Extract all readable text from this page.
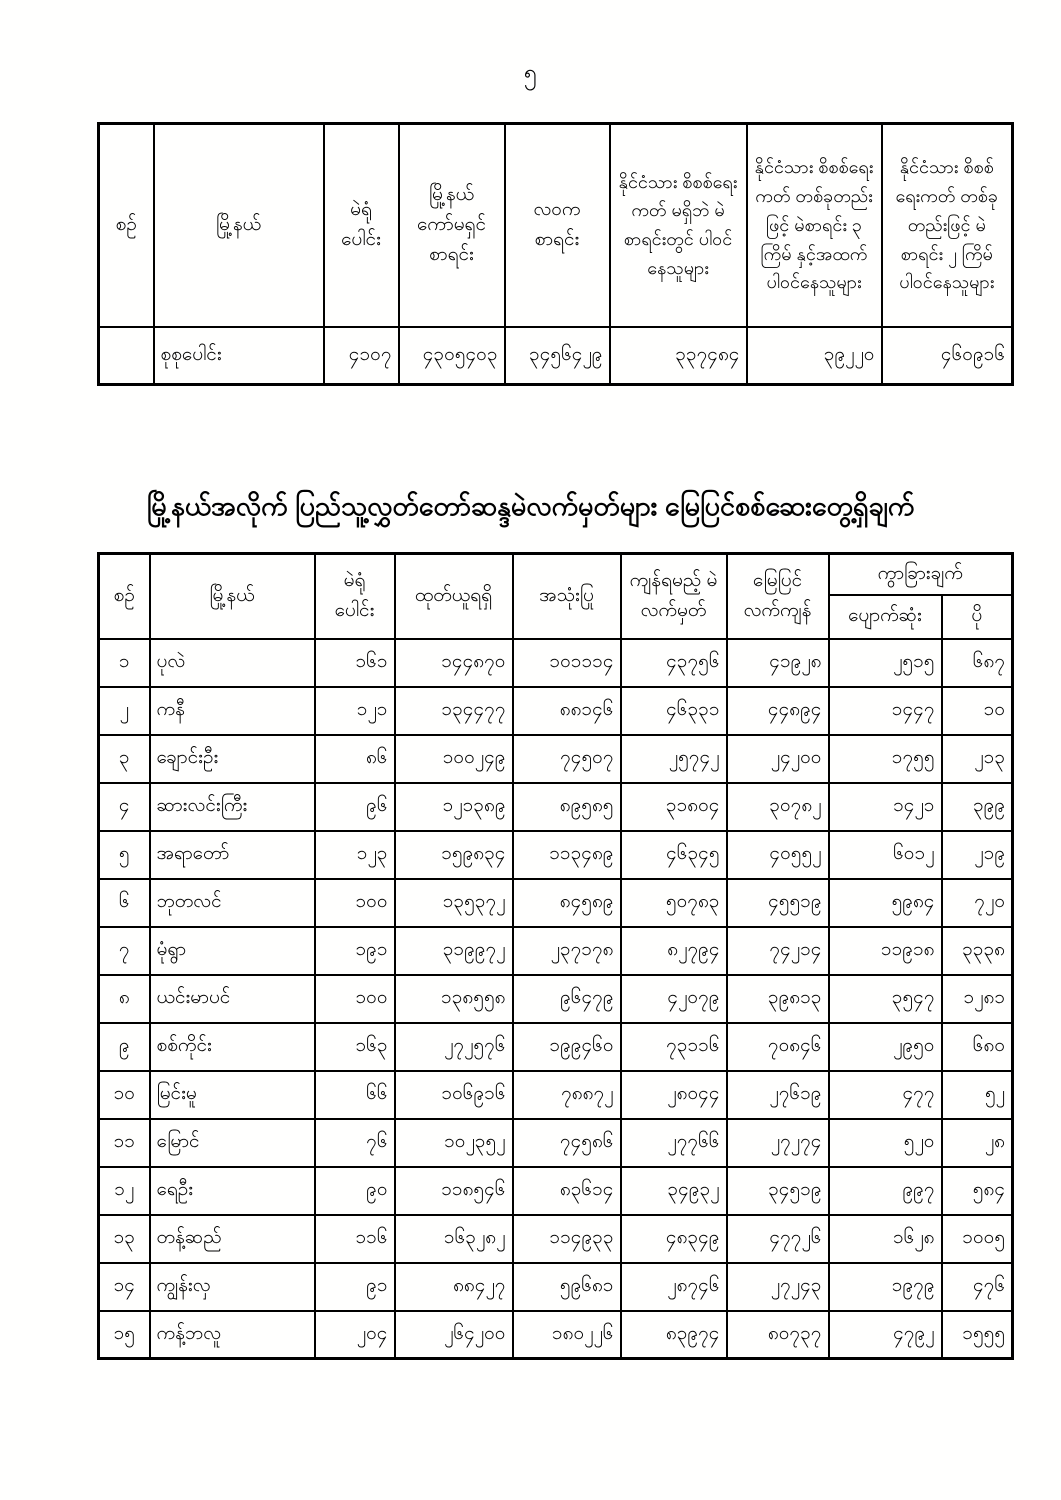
၅
စဉ်	မြို့နယ်	မဲရုံ ပေါင်း	မြို့နယ် ကော်မရှင် စာရင်း	လဝက စာရင်း	နိုင်ငံသား စိစစ်ရေးကတ် မရှိဘဲ မဲစာရင်းတွင် ပါဝင်နေသူများ	နိုင်ငံသား စိစစ်ရေးကတ် တစ်ခုတည်းဖြင့် မဲစာရင်း ၃ ကြိမ် နှင့်အထက် ပါဝင်နေသူများ	နိုင်ငံသား စိစစ်ရေးကတ် တစ်ခုတည်းဖြင့် မဲစာရင်း ၂ ကြိမ် ပါဝင်နေသူများ
	စုစုပေါင်း	၄၁၀၇	၄၃၀၅၄၀၃	၃၄၅၆၄၂၉	၃၃၇၄၈၄	၃၉၂၂၀	၄၆၀၉၁၆
မြို့နယ်အလိုက် ပြည်သူ့လွှတ်တော်ဆန္ဒမဲလက်မှတ်များ မြေပြင်စစ်ဆေးတွေ့ရှိချက်
စဉ်	မြို့နယ်	မဲရုံ ပေါင်း	ထုတ်ယူရရှိ	အသုံးပြု	ကျန်ရမည့် မဲလက်မှတ်	မြေပြင် လက်ကျန်	ကွာခြားချက်	
							ပျောက်ဆုံး	ပို
၁	ပုလဲ	၁၆၁	၁၄၄၈၇၀	၁၀၁၁၁၄	၄၃၇၅၆	၄၁၉၂၈	၂၅၁၅	၆၈၇
၂	ကနီ	၁၂၁	၁၃၄၄၇၇	၈၈၁၄၆	၄၆၃၃၁	၄၄၈၉၄	၁၄၄၇	၁၀
၃	ချောင်းဦး	၈၆	၁၀၀၂၄၉	၇၄၅၀၇	၂၅၇၄၂	၂၄၂၀၀	၁၇၅၅	၂၁၃
၄	ဆားလင်းကြီး	၉၆	၁၂၁၃၈၉	၈၉၅၈၅	၃၁၈၀၄	၃၀၇၈၂	၁၄၂၁	၃၉၉
၅	အရာတော်	၁၂၃	၁၅၉၈၃၄	၁၁၃၄၈၉	၄၆၃၄၅	၄၀၅၅၂	၆၀၁၂	၂၁၉
၆	ဘုတလင်	၁၀၀	၁၃၅၃၇၂	၈၄၅၈၉	၅၀၇၈၃	၄၅၅၁၉	၅၉၈၄	၇၂၀
၇	မုံရွာ	၁၉၁	၃၁၉၉၇၂	၂၃၇၁၇၈	၈၂၇၉၄	၇၄၂၁၄	၁၁၉၁၈	၃၃၃၈
၈	ယင်းမာပင်	၁၀၀	၁၃၈၅၅၈	၉၆၄၇၉	၄၂၀၇၉	၃၉၈၁၃	၃၅၄၇	၁၂၈၁
၉	စစ်ကိုင်း	၁၆၃	၂၇၂၅၇၆	၁၉၉၄၆၀	၇၃၁၁၆	၇၀၈၄၆	၂၉၅၀	၆၈၀
၁၀	မြင်းမူ	၆၆	၁၀၆၉၁၆	၇၈၈၇၂	၂၈၀၄၄	၂၇၆၁၉	၄၇၇	၅၂
၁၁	မြောင်	၇၆	၁၀၂၃၅၂	၇၄၅၈၆	၂၇၇၆၆	၂၇၂၇၄	၅၂၀	၂၈
၁၂	ရေဦး	၉၀	၁၁၈၅၄၆	၈၃၆၁၄	၃၄၉၃၂	၃၄၅၁၉	၉၉၇	၅၈၄
၁၃	တန့်ဆည်	၁၁၆	၁၆၃၂၈၂	၁၁၄၉၃၃	၄၈၃၄၉	၄၇၇၂၆	၁၆၂၈	၁၀၀၅
၁၄	ကျွန်းလှ	၉၁	၈၈၄၂၇	၅၉၆၈၁	၂၈၇၄၆	၂၇၂၄၃	၁၉၇၉	၄၇၆
၁၅	ကန့်ဘလူ	၂၀၄	၂၆၄၂၀၀	၁၈၀၂၂၆	၈၃၉၇၄	၈၀၇၃၇	၄၇၉၂	၁၅၅၅
